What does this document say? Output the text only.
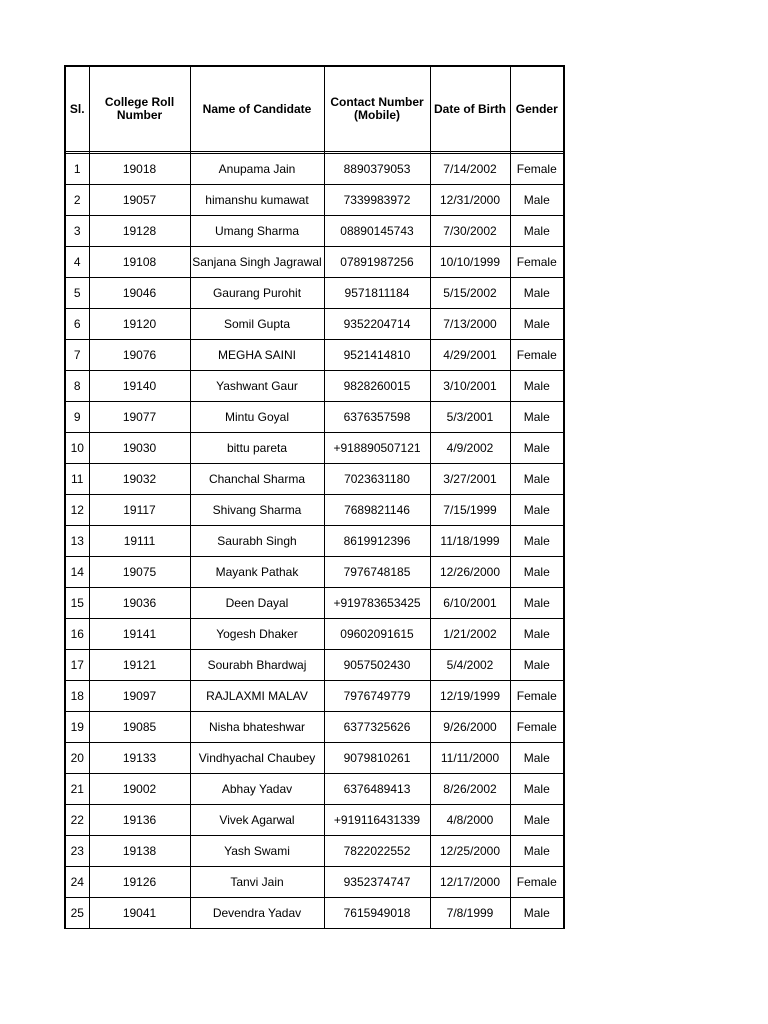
Sl.	College Roll Number	Name of Candidate	Contact Number (Mobile)	Date of Birth	Gender

1	19018	Anupama Jain	8890379053	7/14/2002	Female
2	19057	himanshu kumawat	7339983972	12/31/2000	Male
3	19128	Umang Sharma	08890145743	7/30/2002	Male
4	19108	Sanjana Singh Jagrawal	07891987256	10/10/1999	Female
5	19046	Gaurang Purohit	9571811184	5/15/2002	Male
6	19120	Somil Gupta	9352204714	7/13/2000	Male
7	19076	MEGHA SAINI	9521414810	4/29/2001	Female
8	19140	Yashwant Gaur	9828260015	3/10/2001	Male
9	19077	Mintu Goyal	6376357598	5/3/2001	Male
10	19030	bittu pareta	+918890507121	4/9/2002	Male
11	19032	Chanchal Sharma	7023631180	3/27/2001	Male
12	19117	Shivang Sharma	7689821146	7/15/1999	Male
13	19111	Saurabh Singh	8619912396	11/18/1999	Male
14	19075	Mayank Pathak	7976748185	12/26/2000	Male
15	19036	Deen Dayal	+919783653425	6/10/2001	Male
16	19141	Yogesh Dhaker	09602091615	1/21/2002	Male
17	19121	Sourabh Bhardwaj	9057502430	5/4/2002	Male
18	19097	RAJLAXMI MALAV	7976749779	12/19/1999	Female
19	19085	Nisha bhateshwar	6377325626	9/26/2000	Female
20	19133	Vindhyachal Chaubey	9079810261	11/11/2000	Male
21	19002	Abhay Yadav	6376489413	8/26/2002	Male
22	19136	Vivek Agarwal	+919116431339	4/8/2000	Male
23	19138	Yash Swami	7822022552	12/25/2000	Male
24	19126	Tanvi Jain	9352374747	12/17/2000	Female
25	19041	Devendra Yadav	7615949018	7/8/1999	Male
